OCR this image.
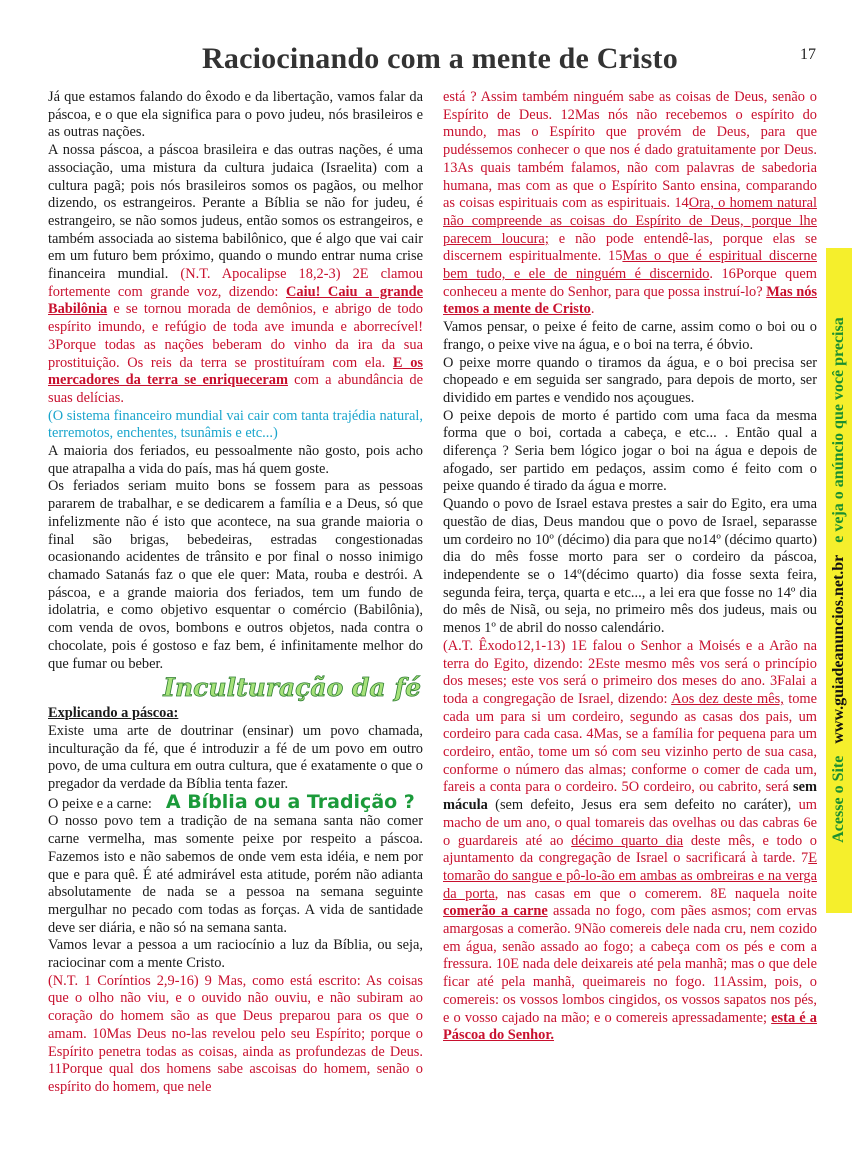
Raciocinando com a mente de Cristo	17

Já que estamos falando do êxodo e da libertação, vamos falar da páscoa, e o que ela significa para o povo judeu, nós brasileiros e as outras nações.

A nossa páscoa, a páscoa brasileira e das outras nações, é uma associação, uma mistura da cultura judaica (Israelita) com a cultura pagã; pois nós brasileiros somos os pagãos, ou melhor dizendo, os estrangeiros. Perante a Bíblia se não for judeu, é estrangeiro, se não somos judeus, então somos os estrangeiros, e também associada ao sistema babilônico, que é algo que vai cair em um futuro bem próximo, quando o mundo entrar numa crise financeira mundial. (N.T. Apocalipse 18,2-3) 2E clamou fortemente com grande voz, dizendo: Caiu! Caiu a grande Babilônia e se tornou morada de demônios, e abrigo de todo espírito imundo, e refúgio de toda ave imunda e aborrecível! 3Porque todas as nações beberam do vinho da ira da sua prostituição. Os reis da terra se prostituíram com ela. E os mercadores da terra se enriqueceram com a abundância de suas delícias.

(O sistema financeiro mundial vai cair com tanta trajédia natural, terremotos, enchentes, tsunâmis e etc...)

A maioria dos feriados, eu pessoalmente não gosto, pois acho que atrapalha a vida do país, mas há quem goste.

Os feriados seriam muito bons se fossem para as pessoas pararem de trabalhar, e se dedicarem a família e a Deus, só que infelizmente não é isto que acontece, na sua grande maioria o final são brigas, bebedeiras, estradas congestionadas ocasionando acidentes de trânsito e por final o nosso inimigo chamado Satanás faz o que ele quer: Mata, rouba e destrói. A páscoa, e a grande maioria dos feriados, tem um fundo de idolatria, e como objetivo esquentar o comércio (Babilônia), com venda de ovos, bombons e outros objetos, nada contra o chocolate, pois é gostoso e faz bem, é infinitamente melhor do que fumar ou beber.

Inculturação da fé

Explicando a páscoa:

Existe uma arte de doutrinar (ensinar) um povo chamada, inculturação da fé, que é introduzir a fé de um povo em outro povo, de uma cultura em outra cultura, que é exatamente o que o pregador da verdade da Bíblia tenta fazer.

O peixe e a carne: A Bíblia ou a Tradição ?

O nosso povo tem a tradição de na semana santa não comer carne vermelha, mas somente peixe por respeito a páscoa. Fazemos isto e não sabemos de onde vem esta idéia, e nem por que e para quê. É até admirável esta atitude, porém não adianta absolutamente de nada se a pessoa na semana seguinte mergulhar no pecado com todas as forças. A vida de santidade deve ser diária, e não só na semana santa.

Vamos levar a pessoa a um raciocínio a luz da Bíblia, ou seja, raciocinar com a mente Cristo.

(N.T. 1 Coríntios 2,9-16) 9 Mas, como está escrito: As coisas que o olho não viu, e o ouvido não ouviu, e não subiram ao coração do homem são as que Deus preparou para os que o amam. 10Mas Deus no-las revelou pelo seu Espírito; porque o Espírito penetra todas as coisas, ainda as profundezas de Deus. 11Porque qual dos homens sabe ascoisas do homem, senão o espírito do homem, que nele

está ? Assim também ninguém sabe as coisas de Deus, senão o Espírito de Deus. 12Mas nós não recebemos o espírito do mundo, mas o Espírito que provém de Deus, para que pudéssemos conhecer o que nos é dado gratuitamente por Deus. 13As quais também falamos, não com palavras de sabedoria humana, mas com as que o Espírito Santo ensina, comparando as coisas espirituais com as espirituais. 14Ora, o homem natural não compreende as coisas do Espírito de Deus, porque lhe parecem loucura; e não pode entendê-las, porque elas se discernem espiritualmente. 15Mas o que é espiritual discerne bem tudo, e ele de ninguém é discernido. 16Porque quem conheceu a mente do Senhor, para que possa instruí-lo? Mas nós temos a mente de Cristo.

Vamos pensar, o peixe é feito de carne, assim como o boi ou o frango, o peixe vive na água, e o boi na terra, é óbvio.

O peixe morre quando o tiramos da água, e o boi precisa ser chopeado e em seguida ser sangrado, para depois de morto, ser dividido em partes e vendido nos açougues.

O peixe depois de morto é partido com uma faca da mesma forma que o boi, cortada a cabeça, e etc... . Então qual a diferença ? Seria bem lógico jogar o boi na água e depois de afogado, ser partido em pedaços, assim como é feito com o peixe quando é tirado da água e morre.

Quando o povo de Israel estava prestes a sair do Egito, era uma questão de dias, Deus mandou que o povo de Israel, separasse um cordeiro no 10º (décimo) dia para que no14º (décimo quarto) dia do mês fosse morto para ser o cordeiro da páscoa, independente se o 14º(décimo quarto) dia fosse sexta feira, segunda feira, terça, quarta e etc..., a lei era que fosse no 14º dia do mês de Nisã, ou seja, no primeiro mês dos judeus, mais ou menos 1º de abril do nosso calendário.

(A.T. Êxodo12,1-13) 1E falou o Senhor a Moisés e a Arão na terra do Egito, dizendo: 2Este mesmo mês vos será o princípio dos meses; este vos será o primeiro dos meses do ano. 3Falai a toda a congregação de Israel, dizendo: Aos dez deste mês, tome cada um para si um cordeiro, segundo as casas dos pais, um cordeiro para cada casa. 4Mas, se a família for pequena para um cordeiro, então, tome um só com seu vizinho perto de sua casa, conforme o número das almas; conforme o comer de cada um, fareis a conta para o cordeiro. 5O cordeiro, ou cabrito, será sem mácula (sem defeito, Jesus era sem defeito no caráter), um macho de um ano, o qual tomareis das ovelhas ou das cabras 6e o guardareis até ao décimo quarto dia deste mês, e todo o ajuntamento da congregação de Israel o sacrificará à tarde. 7E tomarão do sangue e pô-lo-ão em ambas as ombreiras e na verga da porta, nas casas em que o comerem. 8E naquela noite comerão a carne assada no fogo, com pães asmos; com ervas amargosas a comerão. 9Não comereis dele nada cru, nem cozido em água, senão assado ao fogo; a cabeça com os pés e com a fressura. 10E nada dele deixareis até pela manhã; mas o que dele ficar até pela manhã, queimareis no fogo. 11Assim, pois, o comereis: os vossos lombos cingidos, os vossos sapatos nos pés, e o vosso cajado na mão; e o comereis apressadamente; esta é a Páscoa do Senhor.

Acesse o Site   www.guiadeanuncios.net.br   e veja o anúncio que você precisa
